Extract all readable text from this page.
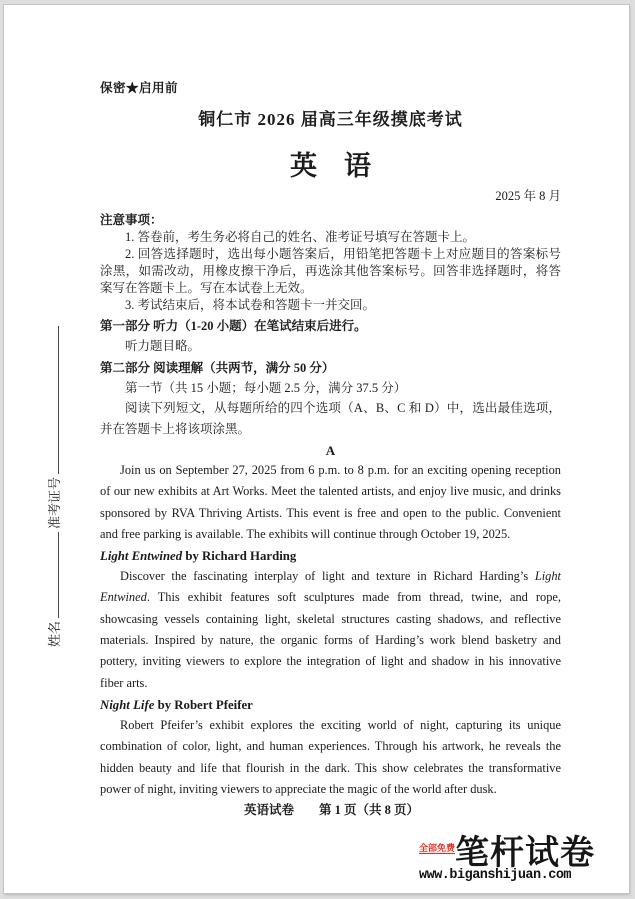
姓名准考证号
保密★启用前
铜仁市 2026 届高三年级摸底考试
英　语
2025 年 8 月
注意事项：
1. 答卷前，考生务必将自己的姓名、准考证号填写在答题卡上。
2. 回答选择题时，选出每小题答案后，用铅笔把答题卡上对应题目的答案标号涂黑，如需改动，用橡皮擦干净后，再选涂其他答案标号。回答非选择题时，将答案写在答题卡上。写在本试卷上无效。
3. 考试结束后，将本试卷和答题卡一并交回。
第一部分 听力（1-20 小题）在笔试结束后进行。
听力题目略。
第二部分 阅读理解（共两节，满分 50 分）
第一节（共 15 小题；每小题 2.5 分，满分 37.5 分）
阅读下列短文，从每题所给的四个选项（A、B、C 和 D）中，选出最佳选项，并在答题卡上将该项涂黑。
A
Join us on September 27, 2025 from 6 p.m. to 8 p.m. for an exciting opening reception of our new exhibits at Art Works. Meet the talented artists, and enjoy live music, and drinks sponsored by RVA Thriving Artists. This event is free and open to the public. Convenient and free parking is available. The exhibits will continue through October 19, 2025.
Light Entwined by Richard Harding
Discover the fascinating interplay of light and texture in Richard Harding’s Light Entwined. This exhibit features soft sculptures made from thread, twine, and rope, showcasing vessels containing light, skeletal structures casting shadows, and reflective materials. Inspired by nature, the organic forms of Harding’s work blend basketry and pottery, inviting viewers to explore the integration of light and shadow in his innovative fiber arts.
Night Life by Robert Pfeifer
Robert Pfeifer’s exhibit explores the exciting world of night, capturing its unique combination of color, light, and human experiences. Through his artwork, he reveals the hidden beauty and life that flourish in the dark. This show celebrates the transformative power of night, inviting viewers to appreciate the magic of the world after dusk.
英语试卷 第 1 页（共 8 页）
全部免费 笔杆试卷
www.biganshijuan.com
